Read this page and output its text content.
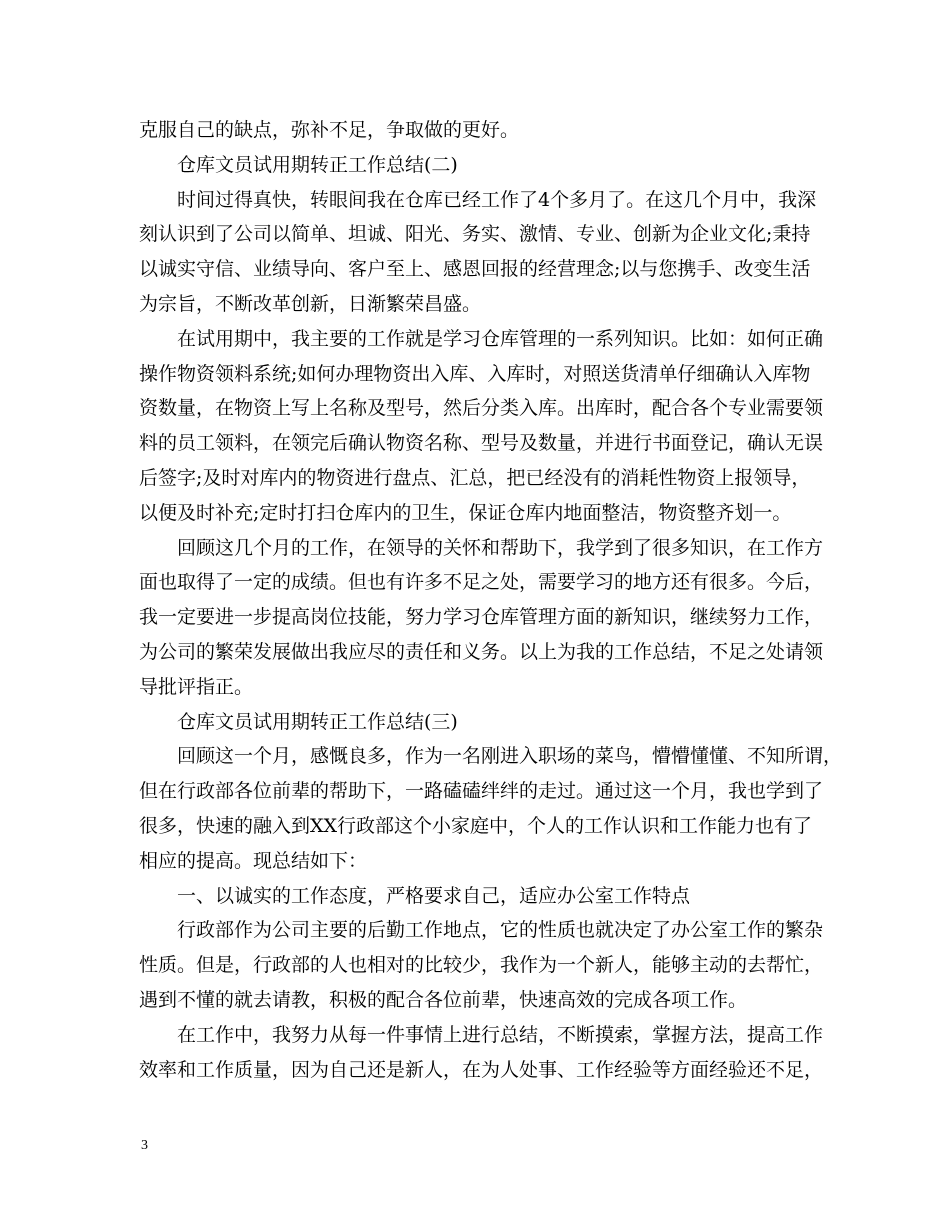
克服自己的缺点，弥补不足，争取做的更好。
仓库文员试用期转正工作总结(二)
时间过得真快，转眼间我在仓库已经工作了4个多月了。在这几个月中，我深
刻认识到了公司以简单、坦诚、阳光、务实、激情、专业、创新为企业文化;秉持
以诚实守信、业绩导向、客户至上、感恩回报的经营理念;以与您携手、改变生活
为宗旨，不断改革创新，日渐繁荣昌盛。
在试用期中，我主要的工作就是学习仓库管理的一系列知识。比如：如何正确
操作物资领料系统;如何办理物资出入库、入库时，对照送货清单仔细确认入库物
资数量，在物资上写上名称及型号，然后分类入库。出库时，配合各个专业需要领
料的员工领料，在领完后确认物资名称、型号及数量，并进行书面登记，确认无误
后签字;及时对库内的物资进行盘点、汇总，把已经没有的消耗性物资上报领导，
以便及时补充;定时打扫仓库内的卫生，保证仓库内地面整洁，物资整齐划一。
回顾这几个月的工作，在领导的关怀和帮助下，我学到了很多知识，在工作方
面也取得了一定的成绩。但也有许多不足之处，需要学习的地方还有很多。今后，
我一定要进一步提高岗位技能，努力学习仓库管理方面的新知识，继续努力工作，
为公司的繁荣发展做出我应尽的责任和义务。以上为我的工作总结，不足之处请领
导批评指正。
仓库文员试用期转正工作总结(三)
回顾这一个月，感慨良多，作为一名刚进入职场的菜鸟，懵懵懂懂、不知所谓，
但在行政部各位前辈的帮助下，一路磕磕绊绊的走过。通过这一个月，我也学到了
很多，快速的融入到XX行政部这个小家庭中，个人的工作认识和工作能力也有了
相应的提高。现总结如下：
一、以诚实的工作态度，严格要求自己，适应办公室工作特点
行政部作为公司主要的后勤工作地点，它的性质也就决定了办公室工作的繁杂
性质。但是，行政部的人也相对的比较少，我作为一个新人，能够主动的去帮忙，
遇到不懂的就去请教，积极的配合各位前辈，快速高效的完成各项工作。
在工作中，我努力从每一件事情上进行总结，不断摸索，掌握方法，提高工作
效率和工作质量，因为自己还是新人，在为人处事、工作经验等方面经验还不足，
3
